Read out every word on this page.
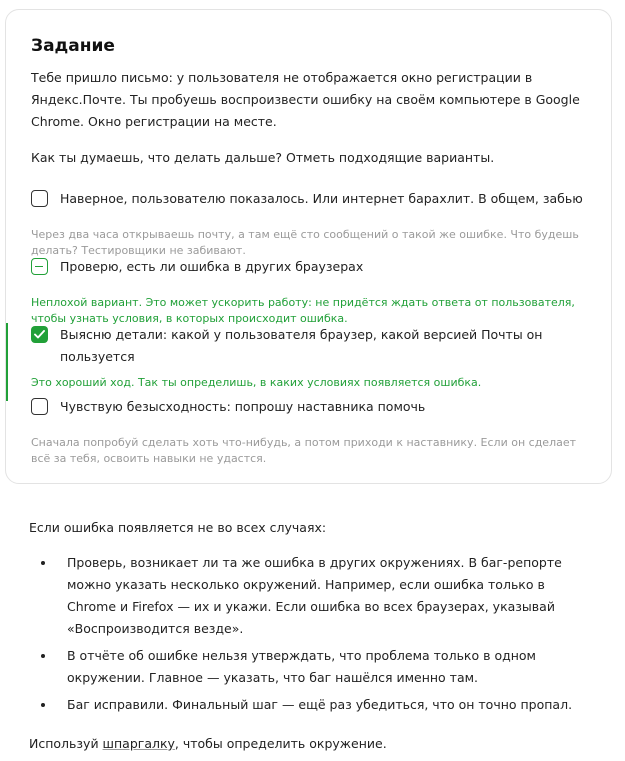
Задание
Тебе пришло письмо: у пользователя не отображается окно регистрации в Яндекс.Почте. Ты пробуешь воспроизвести ошибку на своём компьютере в Google Chrome. Окно регистрации на месте.
Как ты думаешь, что делать дальше? Отметь подходящие варианты.
Наверное, пользователю показалось. Или интернет барахлит. В общем, забью
Через два часа открываешь почту, а там ещё сто сообщений о такой же ошибке. Что будешь делать? Тестировщики не забивают.
Проверю, есть ли ошибка в других браузерах
Неплохой вариант. Это может ускорить работу: не придётся ждать ответа от пользователя, чтобы узнать условия, в которых происходит ошибка.
Выясню детали: какой у пользователя браузер, какой версией Почты он пользуется
Это хороший ход. Так ты определишь, в каких условиях появляется ошибка.
Чувствую безысходность: попрошу наставника помочь
Сначала попробуй сделать хоть что-нибудь, а потом приходи к наставнику. Если он сделает всё за тебя, освоить навыки не удастся.
Если ошибка появляется не во всех случаях:
Проверь, возникает ли та же ошибка в других окружениях. В баг-репорте можно указать несколько окружений. Например, если ошибка только в Chrome и Firefox — их и укажи. Если ошибка во всех браузерах, указывай «Воспроизводится везде».
В отчёте об ошибке нельзя утверждать, что проблема только в одном окружении. Главное — указать, что баг нашёлся именно там.
Баг исправили. Финальный шаг — ещё раз убедиться, что он точно пропал.
Используй шпаргалку, чтобы определить окружение.
